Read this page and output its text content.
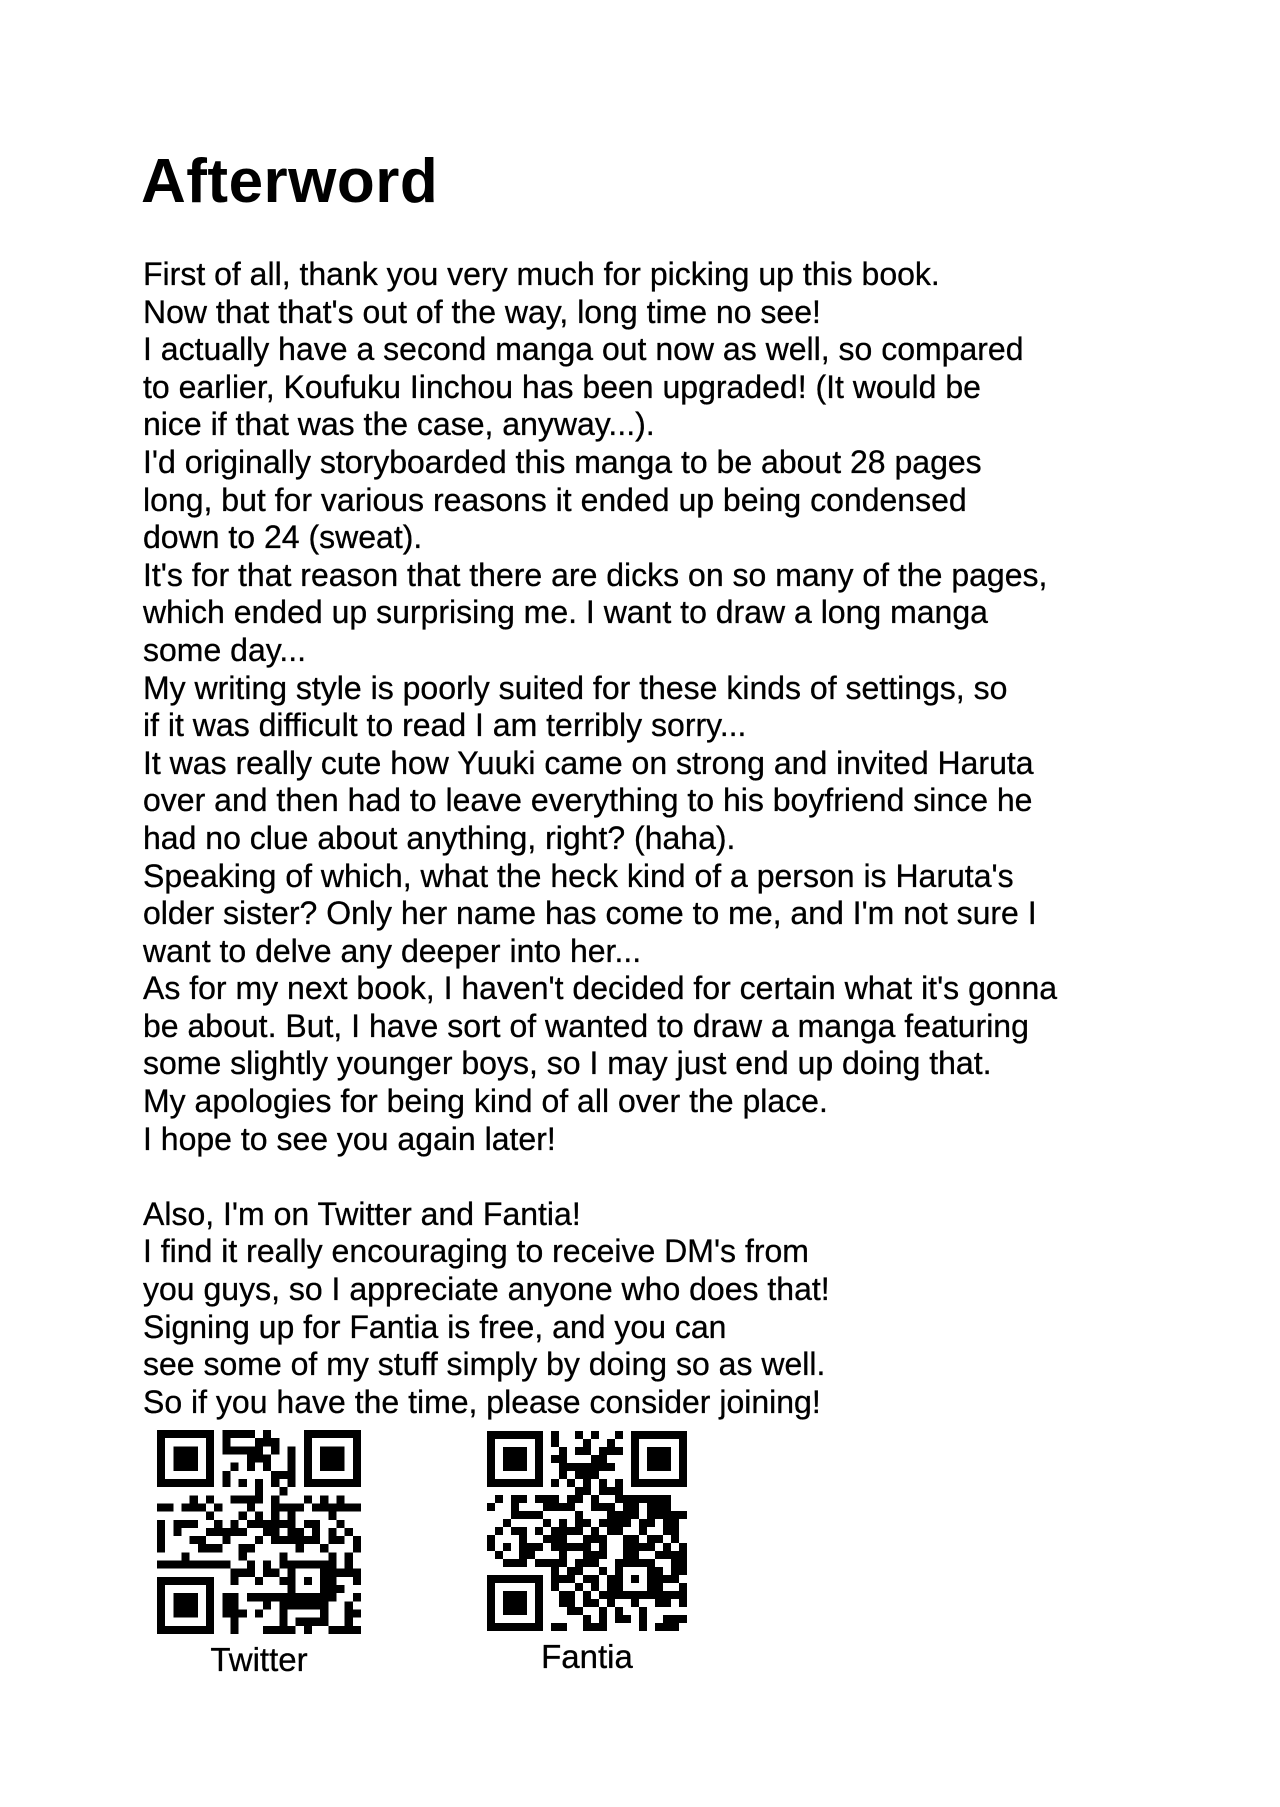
Afterword
First of all, thank you very much for picking up this book.
Now that that's out of the way, long time no see!
I actually have a second manga out now as well, so compared
to earlier, Koufuku Iinchou has been upgraded! (It would be
nice if that was the case, anyway...).
I'd originally storyboarded this manga to be about 28 pages
long, but for various reasons it ended up being condensed
down to 24 (sweat).
It's for that reason that there are dicks on so many of the pages,
which ended up surprising me. I want to draw a long manga
some day...
My writing style is poorly suited for these kinds of settings, so
if it was difficult to read I am terribly sorry...
It was really cute how Yuuki came on strong and invited Haruta
over and then had to leave everything to his boyfriend since he
had no clue about anything, right? (haha).
Speaking of which, what the heck kind of a person is Haruta's
older sister? Only her name has come to me, and I'm not sure I
want to delve any deeper into her...
As for my next book, I haven't decided for certain what it's gonna
be about. But, I have sort of wanted to draw a manga featuring
some slightly younger boys, so I may just end up doing that.
My apologies for being kind of all over the place.
I hope to see you again later!

Also, I'm on Twitter and Fantia!
I find it really encouraging to receive DM's from
you guys, so I appreciate anyone who does that!
Signing up for Fantia is free, and you can
see some of my stuff simply by doing so as well.
So if you have the time, please consider joining!
Twitter	Fantia
